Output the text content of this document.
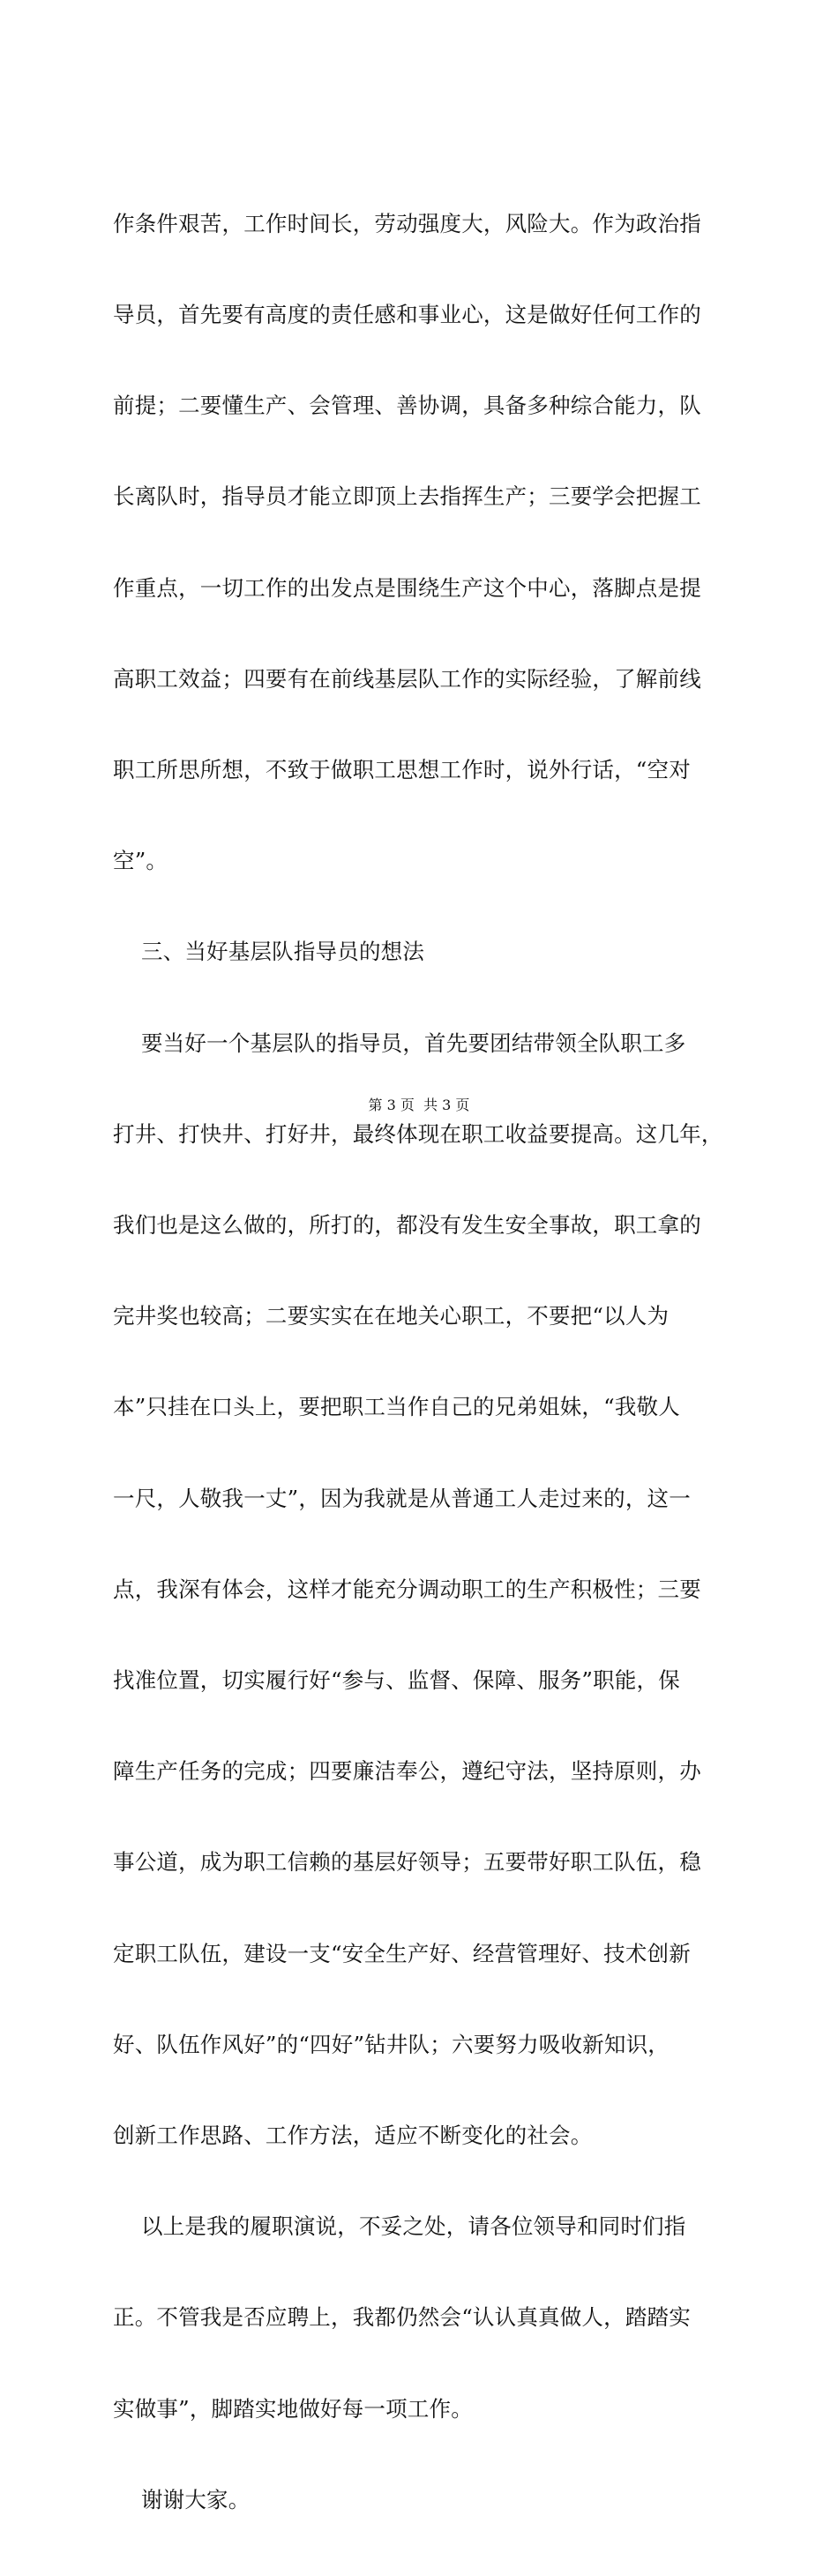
作条件艰苦，工作时间长，劳动强度大，风险大。作为政治指

导员，首先要有高度的责任感和事业心，这是做好任何工作的

前提；二要懂生产、会管理、善协调，具备多种综合能力，队

长离队时，指导员才能立即顶上去指挥生产；三要学会把握工

作重点，一切工作的出发点是围绕生产这个中心，落脚点是提

高职工效益；四要有在前线基层队工作的实际经验，了解前线

职工所思所想，不致于做职工思想工作时，说外行话，“空对

空”。

三、当好基层队指导员的想法

要当好一个基层队的指导员，首先要团结带领全队职工多

打井、打快井、打好井，最终体现在职工收益要提高。这几年，

我们也是这么做的，所打的，都没有发生安全事故，职工拿的

完井奖也较高；二要实实在在地关心职工，不要把“以人为

本”只挂在口头上，要把职工当作自己的兄弟姐妹，“我敬人

一尺，人敬我一丈”，因为我就是从普通工人走过来的，这一

点，我深有体会，这样才能充分调动职工的生产积极性；三要

找准位置，切实履行好“参与、监督、保障、服务”职能，保

障生产任务的完成；四要廉洁奉公，遵纪守法，坚持原则，办

事公道，成为职工信赖的基层好领导；五要带好职工队伍，稳

定职工队伍，建设一支“安全生产好、经营管理好、技术创新

好、队伍作风好”的“四好”钻井队；六要努力吸收新知识，

创新工作思路、工作方法，适应不断变化的社会。

以上是我的履职演说，不妥之处，请各位领导和同时们指

正。不管我是否应聘上，我都仍然会“认认真真做人，踏踏实

实做事”，脚踏实地做好每一项工作。

谢谢大家。

第 3 页  共 3 页
